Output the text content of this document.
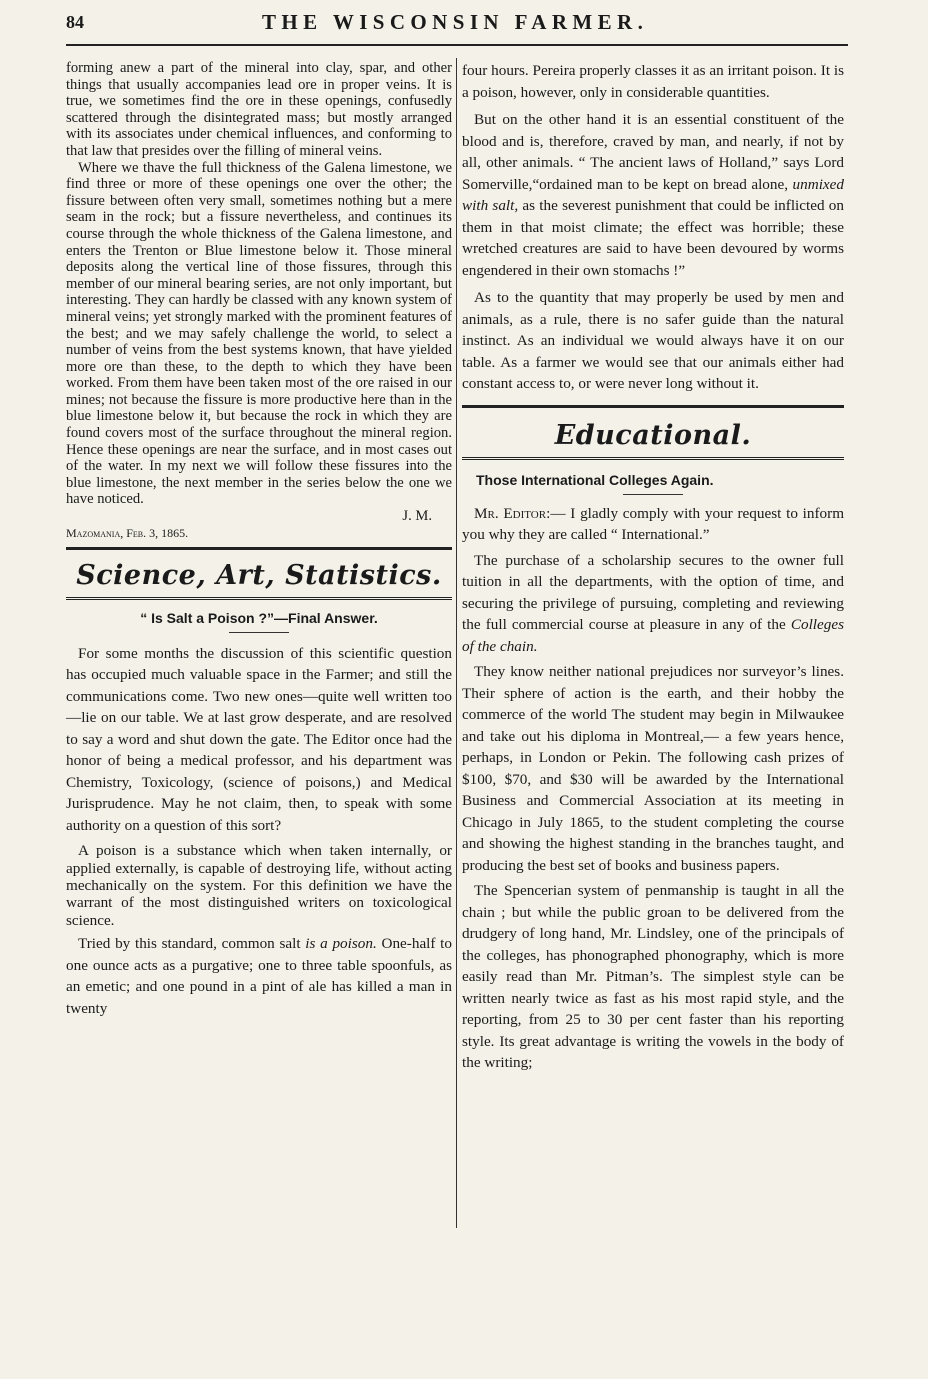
84	THE WISCONSIN FARMER.

forming anew a part of the mineral into clay, spar, and other things that usually accompanies lead ore in proper veins. It is true, we sometimes find the ore in these openings, confusedly scattered through the disintegrated mass; but mostly arranged with its associates under chemical influences, and conforming to that law that presides over the filling of mineral veins.

Where we thave the full thickness of the Galena limestone, we find three or more of these openings one over the other; the fissure between often very small, sometimes nothing but a mere seam in the rock; but a fissure nevertheless, and continues its course through the whole thickness of the Galena limestone, and enters the Trenton or Blue limestone below it. Those mineral deposits along the vertical line of those fissures, through this member of our mineral bearing series, are not only important, but interesting. They can hardly be classed with any known system of mineral veins; yet strongly marked with the prominent features of the best; and we may safely challenge the world, to select a number of veins from the best systems known, that have yielded more ore than these, to the depth to which they have been worked. From them have been taken most of the ore raised in our mines; not because the fissure is more productive here than in the blue limestone below it, but because the rock in which they are found covers most of the surface throughout the mineral region. Hence these openings are near the surface, and in most cases out of the water. In my next we will follow these fissures into the blue limestone, the next member in the series below the one we have noticed.

J. M.

Mazomania, Feb. 3, 1865.

Science, Art, Statistics.
“ Is Salt a Poison ?”—Final Answer.

For some months the discussion of this scientific question has occupied much valuable space in the Farmer; and still the communications come. Two new ones—quite well written too—lie on our table. We at last grow desperate, and are resolved to say a word and shut down the gate. The Editor once had the honor of being a medical professor, and his department was Chemistry, Toxicology, (science of poisons,) and Medical Jurisprudence. May he not claim, then, to speak with some authority on a question of this sort?

A poison is a substance which when taken internally, or applied externally, is capable of destroying life, without acting mechanically on the system. For this definition we have the warrant of the most distinguished writers on toxicological science.

Tried by this standard, common salt is a poison. One-half to one ounce acts as a purgative; one to three table spoonfuls, as an emetic; and one pound in a pint of ale has killed a man in twenty

four hours. Pereira properly classes it as an irritant poison. It is a poison, however, only in considerable quantities.

But on the other hand it is an essential constituent of the blood and is, therefore, craved by man, and nearly, if not by all, other animals. “ The ancient laws of Holland,” says Lord Somerville,“ordained man to be kept on bread alone, unmixed with salt, as the severest punishment that could be inflicted on them in that moist climate; the effect was horrible; these wretched creatures are said to have been devoured by worms engendered in their own stomachs !”

As to the quantity that may properly be used by men and animals, as a rule, there is no safer guide than the natural instinct. As an individual we would always have it on our table. As a farmer we would see that our animals either had constant access to, or were never long without it.

Educational.
Those International Colleges Again.

Mr. Editor:— I gladly comply with your request to inform you why they are called “ International.”

The purchase of a scholarship secures to the owner full tuition in all the departments, with the option of time, and securing the privilege of pursuing, completing and reviewing the full commercial course at pleasure in any of the Colleges of the chain.

They know neither national prejudices nor surveyor’s lines. Their sphere of action is the earth, and their hobby the commerce of the world The student may begin in Milwaukee and take out his diploma in Montreal,— a few years hence, perhaps, in London or Pekin. The following cash prizes of $100, $70, and $30 will be awarded by the International Business and Commercial Association at its meeting in Chicago in July 1865, to the student completing the course and showing the highest standing in the branches taught, and producing the best set of books and business papers.

The Spencerian system of penmanship is taught in all the chain ; but while the public groan to be delivered from the drudgery of long hand, Mr. Lindsley, one of the principals of the colleges, has phonographed phonography, which is more easily read than Mr. Pitman’s. The simplest style can be written nearly twice as fast as his most rapid style, and the reporting, from 25 to 30 per cent faster than his reporting style. Its great advantage is writing the vowels in the body of the writing;
